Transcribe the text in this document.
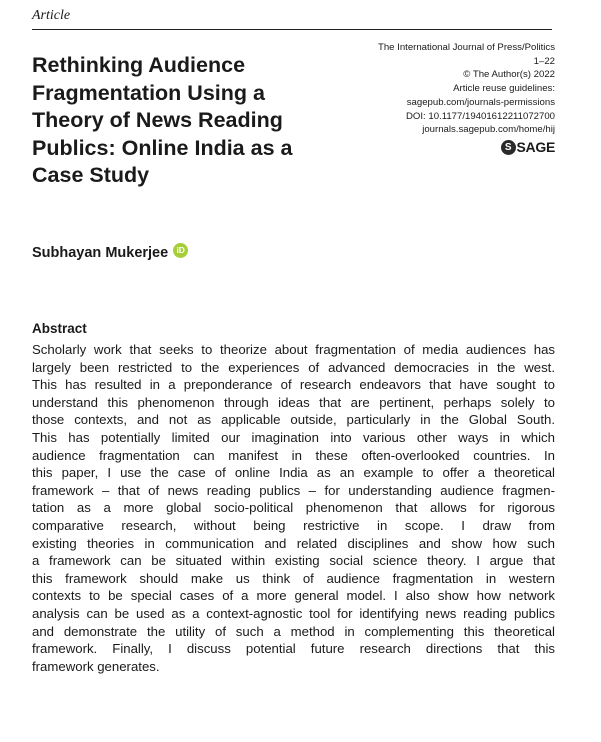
Article
Rethinking Audience
Fragmentation Using a
Theory of News Reading
Publics: Online India as a
Case Study
The International Journal of Press/Politics
1–22
© The Author(s) 2022
Article reuse guidelines:
sagepub.com/journals-permissions
DOI: 10.1177/19401612211072700
journals.sagepub.com/home/hij
S SAGE
Subhayan Mukerjee iD
Abstract

Scholarly work that seeks to theorize about fragmentation of media audiences has
largely been restricted to the experiences of advanced democracies in the west.
This has resulted in a preponderance of research endeavors that have sought to
understand this phenomenon through ideas that are pertinent, perhaps solely to
those contexts, and not as applicable outside, particularly in the Global South.
This has potentially limited our imagination into various other ways in which
audience fragmentation can manifest in these often-overlooked countries. In
this paper, I use the case of online India as an example to offer a theoretical
framework – that of news reading publics – for understanding audience fragmen-
tation as a more global socio-political phenomenon that allows for rigorous
comparative research, without being restrictive in scope. I draw from
existing theories in communication and related disciplines and show how such
a framework can be situated within existing social science theory. I argue that
this framework should make us think of audience fragmentation in western
contexts to be special cases of a more general model. I also show how network
analysis can be used as a context-agnostic tool for identifying news reading publics
and demonstrate the utility of such a method in complementing this theoretical
framework. Finally, I discuss potential future research directions that this
framework generates.
